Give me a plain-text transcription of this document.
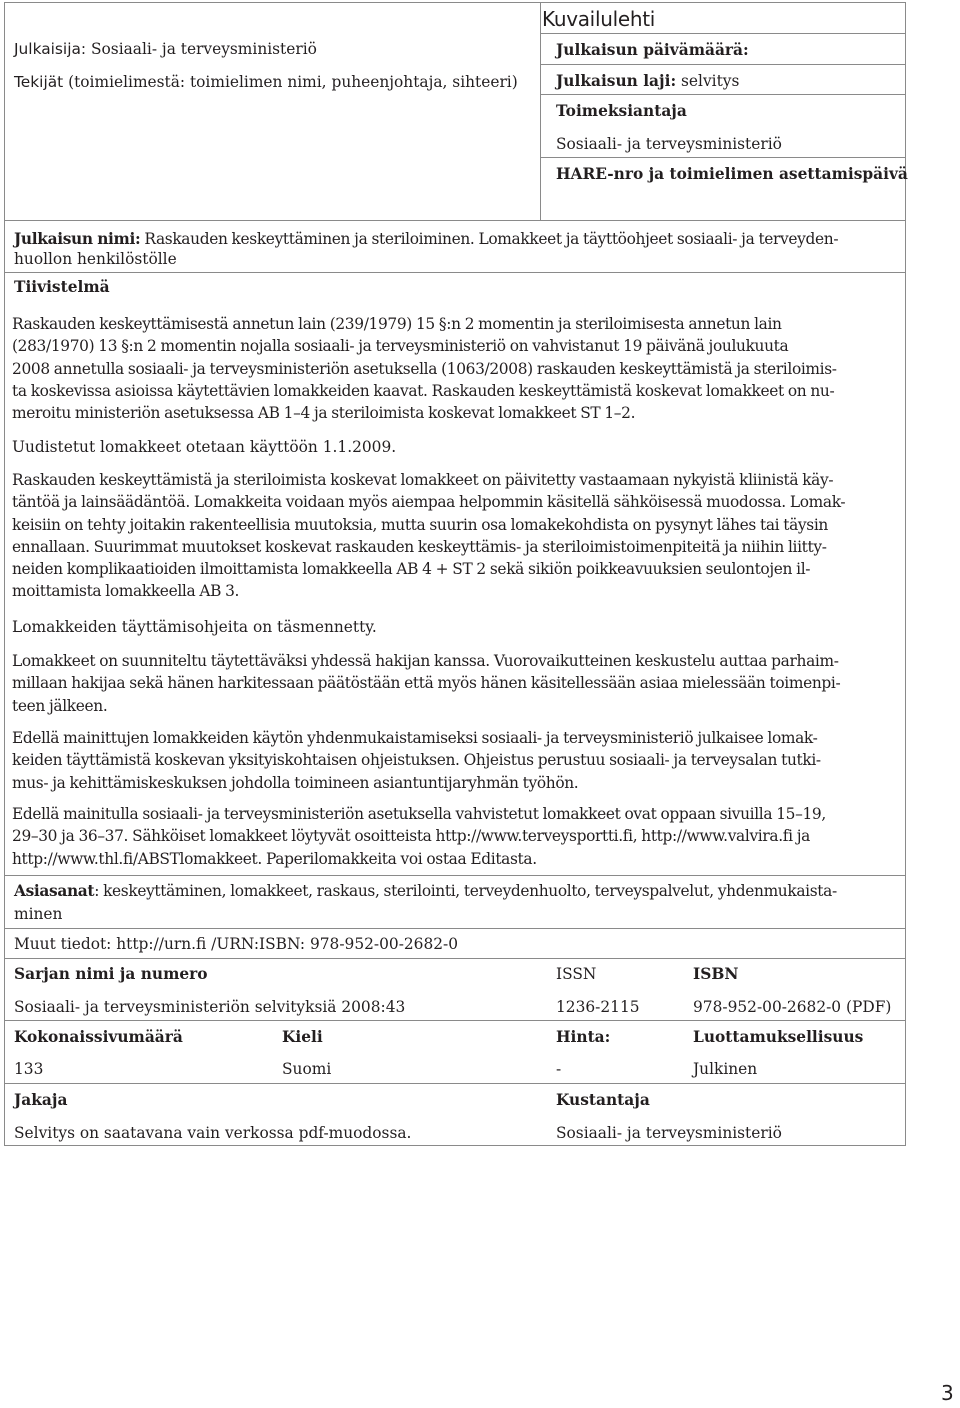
Julkaisija: Sosiaali- ja terveysministeriö
Tekijät (toimielimestä: toimielimen nimi, puheenjohtaja, sihteeri)
Kuvailulehti
Julkaisun päivämäärä:
Julkaisun laji: selvitys
Toimeksiantaja
Sosiaali- ja terveysministeriö
HARE-nro ja toimielimen asettamispäivä
Julkaisun nimi: Raskauden keskeyttäminen ja steriloiminen. Lomakkeet ja täyttöohjeet sosiaali- ja terveyden-
huollon henkilöstölle
Tiivistelmä
Raskauden keskeyttämisestä annetun lain (239/1979) 15 §:n 2 momentin ja steriloimisesta annetun lain
(283/1970) 13 §:n 2 momentin nojalla sosiaali- ja terveysministeriö on vahvistanut 19 päivänä joulukuuta
2008 annetulla sosiaali- ja terveysministeriön asetuksella (1063/2008) raskauden keskeyttämistä ja steriloimis-
ta koskevissa asioissa käytettävien lomakkeiden kaavat. Raskauden keskeyttämistä koskevat lomakkeet on nu-
meroitu ministeriön asetuksessa AB 1–4 ja steriloimista koskevat lomakkeet ST 1–2.
Uudistetut lomakkeet otetaan käyttöön 1.1.2009.
Raskauden keskeyttämistä ja steriloimista koskevat lomakkeet on päivitetty vastaamaan nykyistä kliinistä käy-
täntöä ja lainsäädäntöä. Lomakkeita voidaan myös aiempaa helpommin käsitellä sähköisessä muodossa. Lomak-
keisiin on tehty joitakin rakenteellisia muutoksia, mutta suurin osa lomakekohdista on pysynyt lähes tai täysin
ennallaan. Suurimmat muutokset koskevat raskauden keskeyttämis- ja steriloimistoimenpiteitä ja niihin liitty-
neiden komplikaatioiden ilmoittamista lomakkeella AB 4 + ST 2 sekä sikiön poikkeavuuksien seulontojen il-
moittamista lomakkeella AB 3.
Lomakkeiden täyttämisohjeita on täsmennetty.
Lomakkeet on suunniteltu täytettäväksi yhdessä hakijan kanssa. Vuorovaikutteinen keskustelu auttaa parhaim-
millaan hakijaa sekä hänen harkitessaan päätöstään että myös hänen käsitellessään asiaa mielessään toimenpi-
teen jälkeen.
Edellä mainittujen lomakkeiden käytön yhdenmukaistamiseksi sosiaali- ja terveysministeriö julkaisee lomak-
keiden täyttämistä koskevan yksityiskohtaisen ohjeistuksen. Ohjeistus perustuu sosiaali- ja terveysalan tutki-
mus- ja kehittämiskeskuksen johdolla toimineen asiantuntijaryhmän työhön.
Edellä mainitulla sosiaali- ja terveysministeriön asetuksella vahvistetut lomakkeet ovat oppaan sivuilla 15–19,
29–30 ja 36–37. Sähköiset lomakkeet löytyvät osoitteista http://www.terveysportti.fi, http://www.valvira.fi ja
http://www.thl.fi/ABSTlomakkeet. Paperilomakkeita voi ostaa Editasta.
Asiasanat: keskeyttäminen, lomakkeet, raskaus, sterilointi, terveydenhuolto, terveyspalvelut, yhdenmukaista-
minen
Muut tiedot: http://urn.fi /URN:ISBN: 978-952-00-2682-0
Sarjan nimi ja numero
Sosiaali- ja terveysministeriön selvityksiä 2008:43
ISSN
1236-2115
ISBN
978-952-00-2682-0 (PDF)
Kokonaissivumäärä
133
Kieli
Suomi
Hinta:
-
Luottamuksellisuus
Julkinen
Jakaja
Selvitys on saatavana vain verkossa pdf-muodossa.
Kustantaja
Sosiaali- ja terveysministeriö
3
